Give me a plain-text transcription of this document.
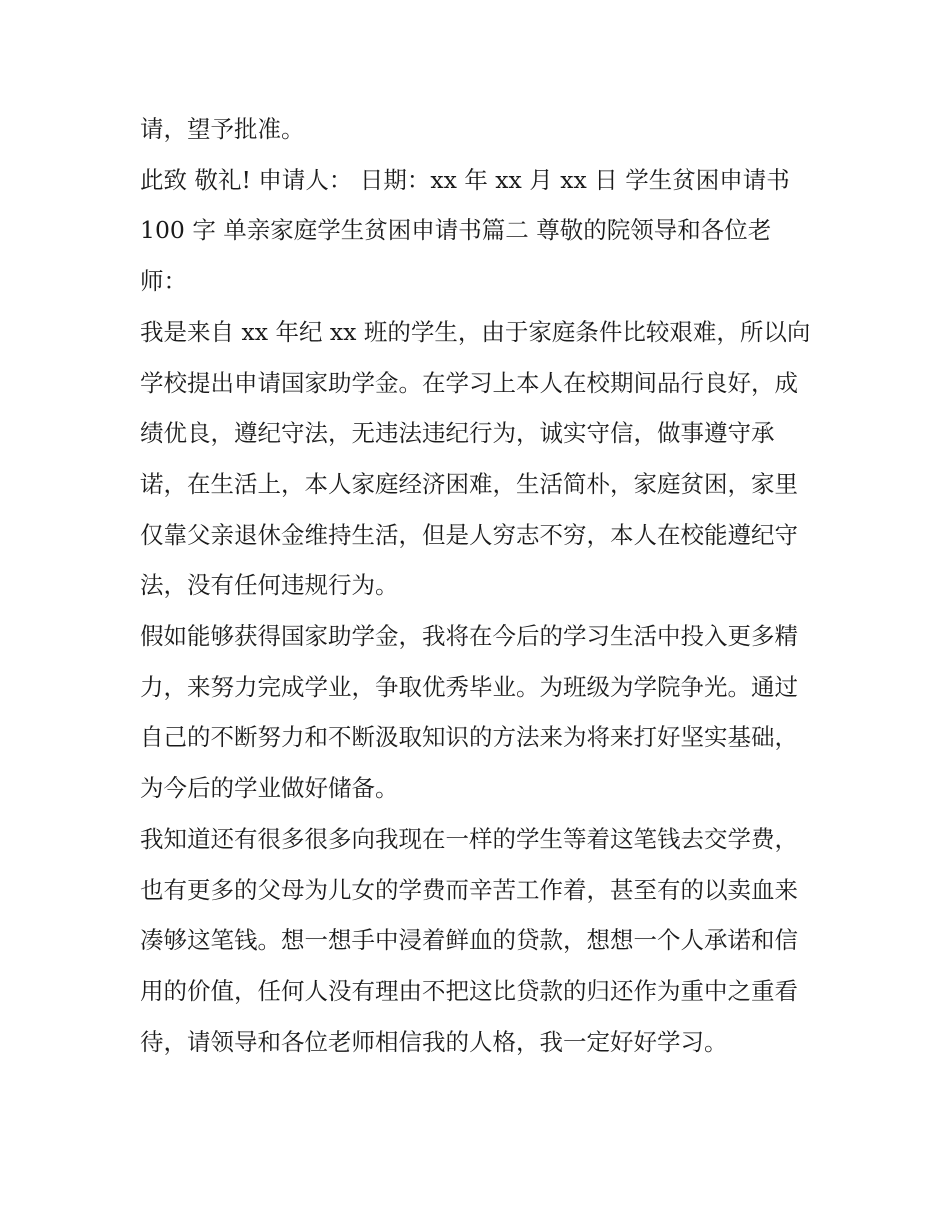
请，望予批准。

此致 敬礼! 申请人： 日期：xx 年 xx 月 xx 日 学生贫困申请书 100 字 单亲家庭学生贫困申请书篇二 尊敬的院领导和各位老师：

我是来自 xx 年纪 xx 班的学生，由于家庭条件比较艰难，所以向学校提出申请国家助学金。在学习上本人在校期间品行良好，成绩优良，遵纪守法，无违法违纪行为，诚实守信，做事遵守承诺，在生活上，本人家庭经济困难，生活简朴，家庭贫困，家里仅靠父亲退休金维持生活，但是人穷志不穷，本人在校能遵纪守法，没有任何违规行为。

假如能够获得国家助学金，我将在今后的学习生活中投入更多精力，来努力完成学业，争取优秀毕业。为班级为学院争光。通过自己的不断努力和不断汲取知识的方法来为将来打好坚实基础，为今后的学业做好储备。

我知道还有很多很多向我现在一样的学生等着这笔钱去交学费，也有更多的父母为儿女的学费而辛苦工作着，甚至有的以卖血来凑够这笔钱。想一想手中浸着鲜血的贷款，想想一个人承诺和信用的价值，任何人没有理由不把这比贷款的归还作为重中之重看待，请领导和各位老师相信我的人格，我一定好好学习。
